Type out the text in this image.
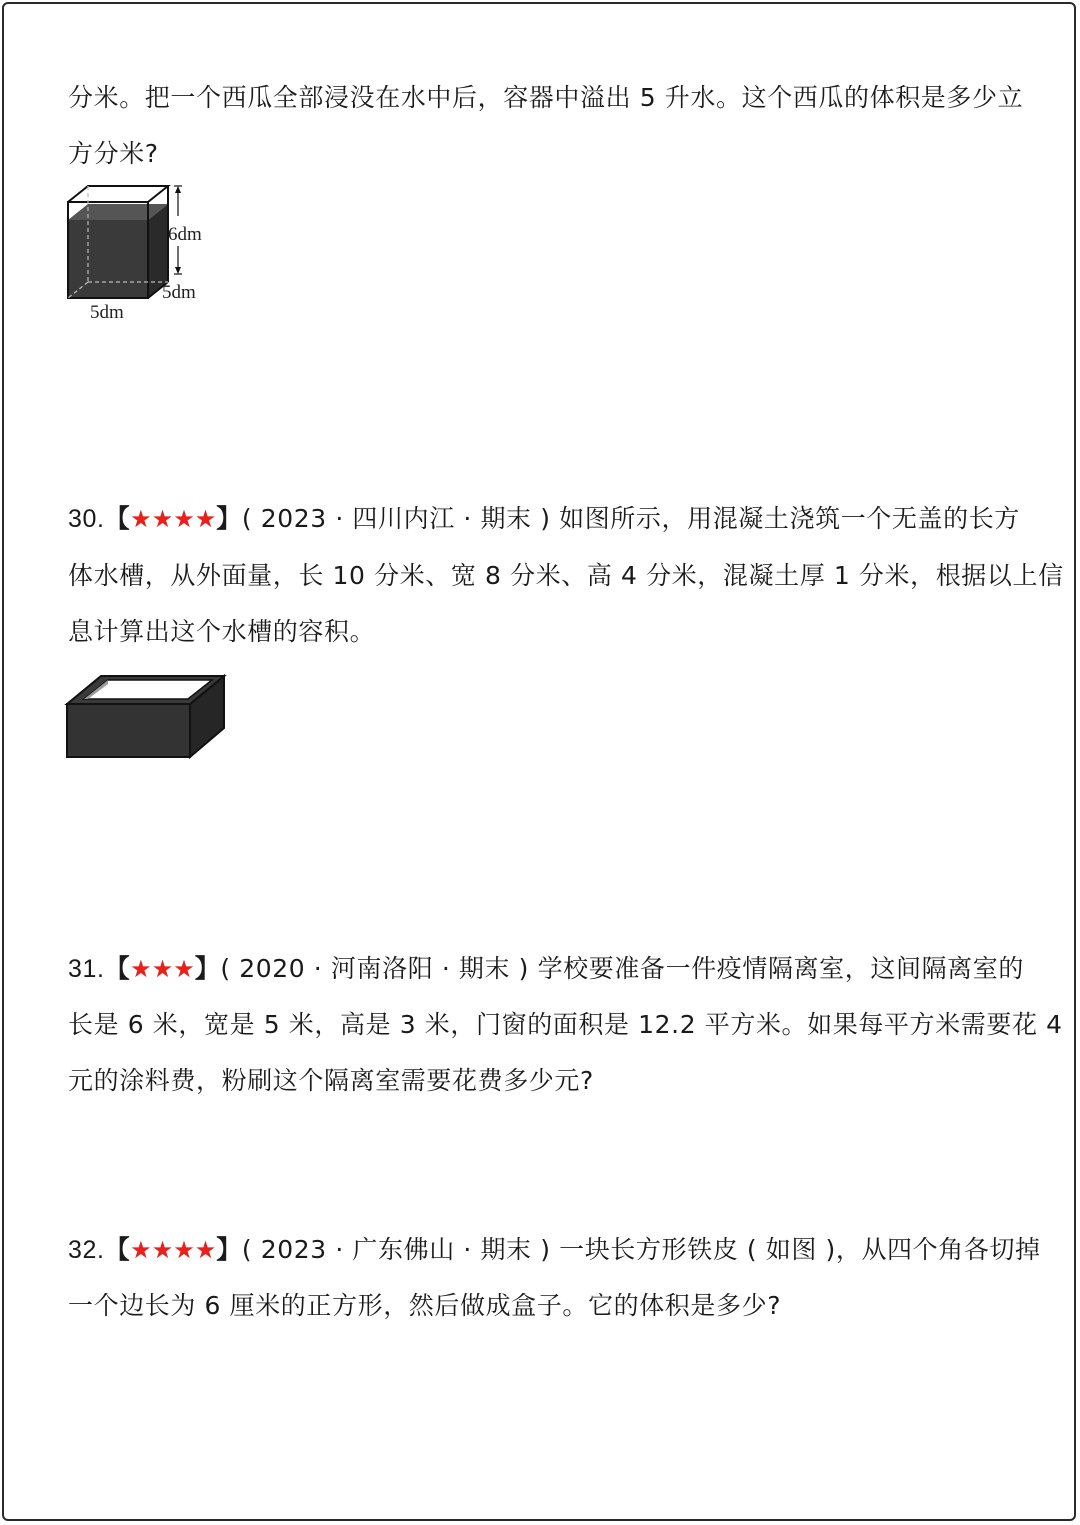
分米。把一个西瓜全部浸没在水中后，容器中溢出 5 升水。这个西瓜的体积是多少立
方分米?
6dm
5dm
5dm
30.【★★★★】( 2023 · 四川内江 · 期末 ) 如图所示，用混凝土浇筑一个无盖的长方
体水槽，从外面量，长 10 分米、宽 8 分米、高 4 分米，混凝土厚 1 分米，根据以上信
息计算出这个水槽的容积。
31.【★★★】( 2020 · 河南洛阳 · 期末 ) 学校要准备一件疫情隔离室，这间隔离室的
长是 6 米，宽是 5 米，高是 3 米，门窗的面积是 12.2 平方米。如果每平方米需要花 4
元的涂料费，粉刷这个隔离室需要花费多少元?
32.【★★★★】( 2023 · 广东佛山 · 期末 ) 一块长方形铁皮 ( 如图 )，从四个角各切掉
一个边长为 6 厘米的正方形，然后做成盒子。它的体积是多少?
